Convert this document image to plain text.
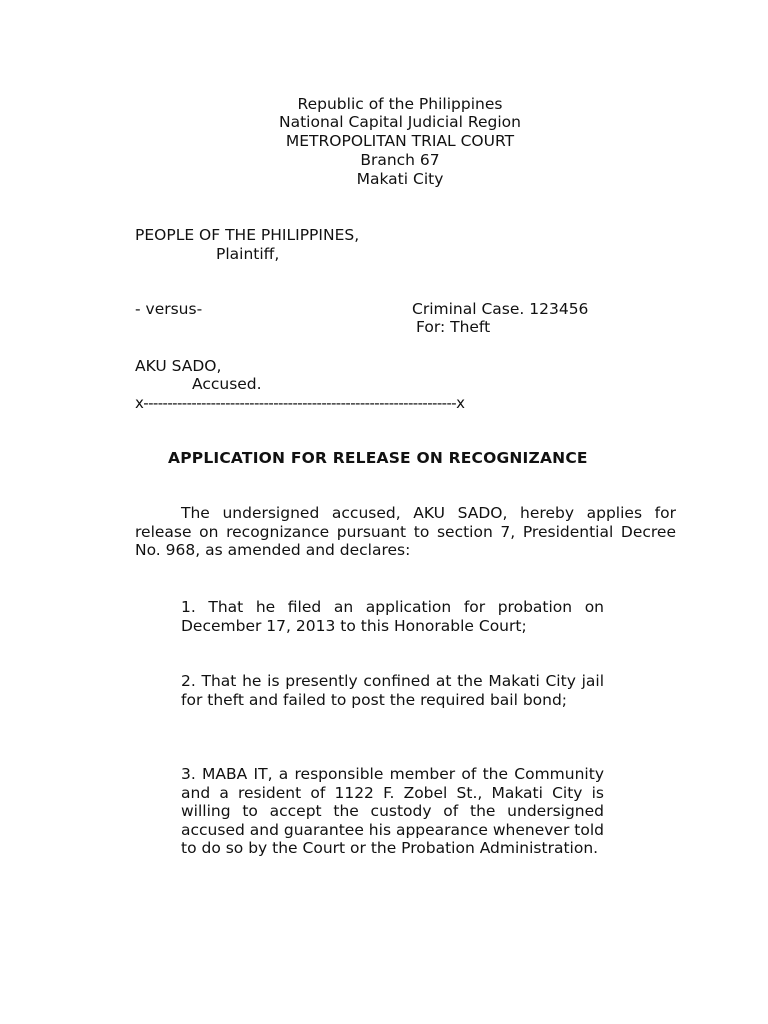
Republic of the Philippines
National Capital Judicial Region
METROPOLITAN TRIAL COURT
Branch 67
Makati City
PEOPLE OF THE PHILIPPINES,
Plaintiff,
- versus-	Criminal Case. 123456
For: Theft
AKU SADO,
Accused.
x-----------------------------------------------------------------x
APPLICATION FOR RELEASE ON RECOGNIZANCE
The undersigned accused, AKU SADO, hereby applies for release on recognizance pursuant to section 7, Presidential Decree No. 968, as amended and declares:
1. That he filed an application for probation on December 17, 2013 to this Honorable Court;
2. That he is presently confined at the Makati City jail for theft and failed to post the required bail bond;
3. MABA IT, a responsible member of the Community and a resident of 1122 F. Zobel St., Makati City is willing to accept the custody of the undersigned accused and guarantee his appearance whenever told to do so by the Court or the Probation Administration.
